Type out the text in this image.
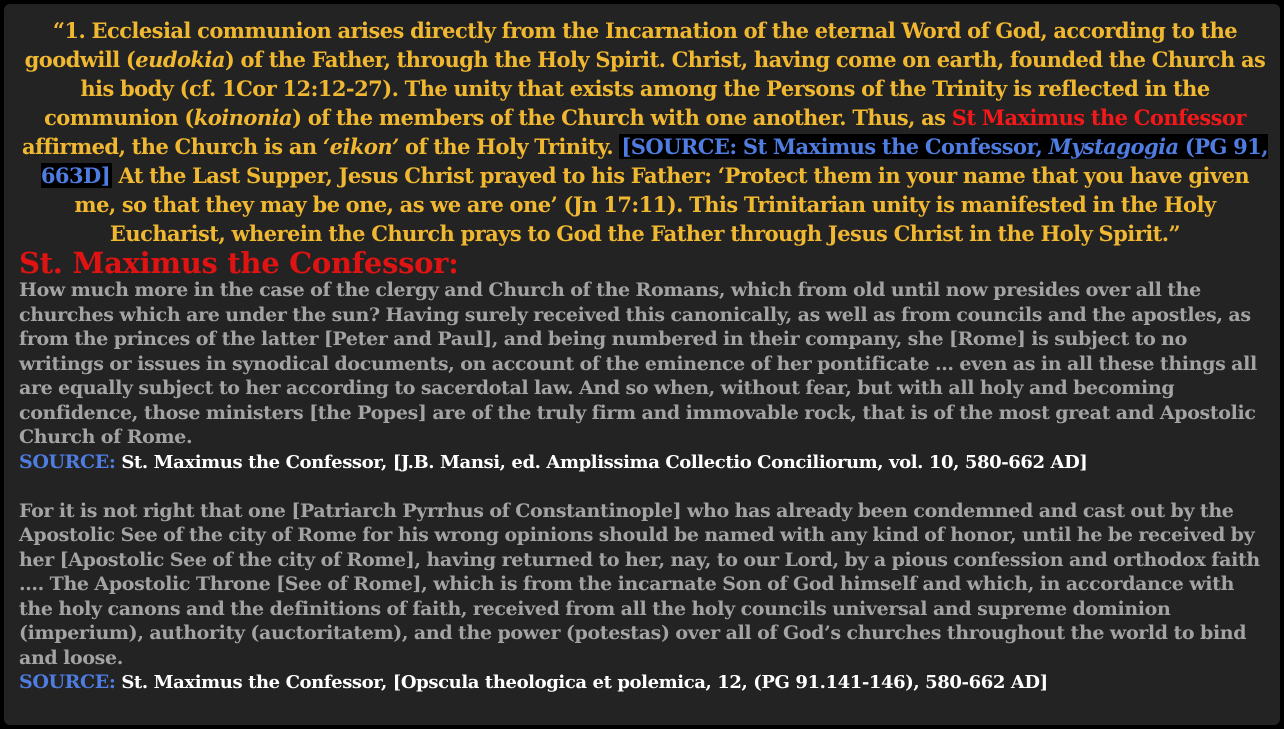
“1. Ecclesial communion arises directly from the Incarnation of the eternal Word of God, according to the goodwill (eudokia) of the Father, through the Holy Spirit. Christ, having come on earth, founded the Church as his body (cf. 1Cor 12:12-27). The unity that exists among the Persons of the Trinity is reflected in the communion (koinonia) of the members of the Church with one another. Thus, as St Maximus the Confessor affirmed, the Church is an ‘eikon’ of the Holy Trinity. [SOURCE: St Maximus the Confessor, Mystagogia (PG 91, 663D] At the Last Supper, Jesus Christ prayed to his Father: ‘Protect them in your name that you have given me, so that they may be one, as we are one’ (Jn 17:11). This Trinitarian unity is manifested in the Holy Eucharist, wherein the Church prays to God the Father through Jesus Christ in the Holy Spirit.”

St. Maximus the Confessor:

How much more in the case of the clergy and Church of the Romans, which from old until now presides over all the churches which are under the sun? Having surely received this canonically, as well as from councils and the apostles, as from the princes of the latter [Peter and Paul], and being numbered in their company, she [Rome] is subject to no writings or issues in synodical documents, on account of the eminence of her pontificate … even as in all these things all are equally subject to her according to sacerdotal law. And so when, without fear, but with all holy and becoming confidence, those ministers [the Popes] are of the truly firm and immovable rock, that is of the most great and Apostolic Church of Rome.

SOURCE: St. Maximus the Confessor, [J.B. Mansi, ed. Amplissima Collectio Conciliorum, vol. 10, 580-662 AD]

For it is not right that one [Patriarch Pyrrhus of Constantinople] who has already been condemned and cast out by the Apostolic See of the city of Rome for his wrong opinions should be named with any kind of honor, until he be received by her [Apostolic See of the city of Rome], having returned to her, nay, to our Lord, by a pious confession and orthodox faith …. The Apostolic Throne [See of Rome], which is from the incarnate Son of God himself and which, in accordance with the holy canons and the definitions of faith, received from all the holy councils universal and supreme dominion (imperium), authority (auctoritatem), and the power (potestas) over all of God’s churches throughout the world to bind and loose.

SOURCE: St. Maximus the Confessor, [Opscula theologica et polemica, 12, (PG 91.141-146), 580-662 AD]
